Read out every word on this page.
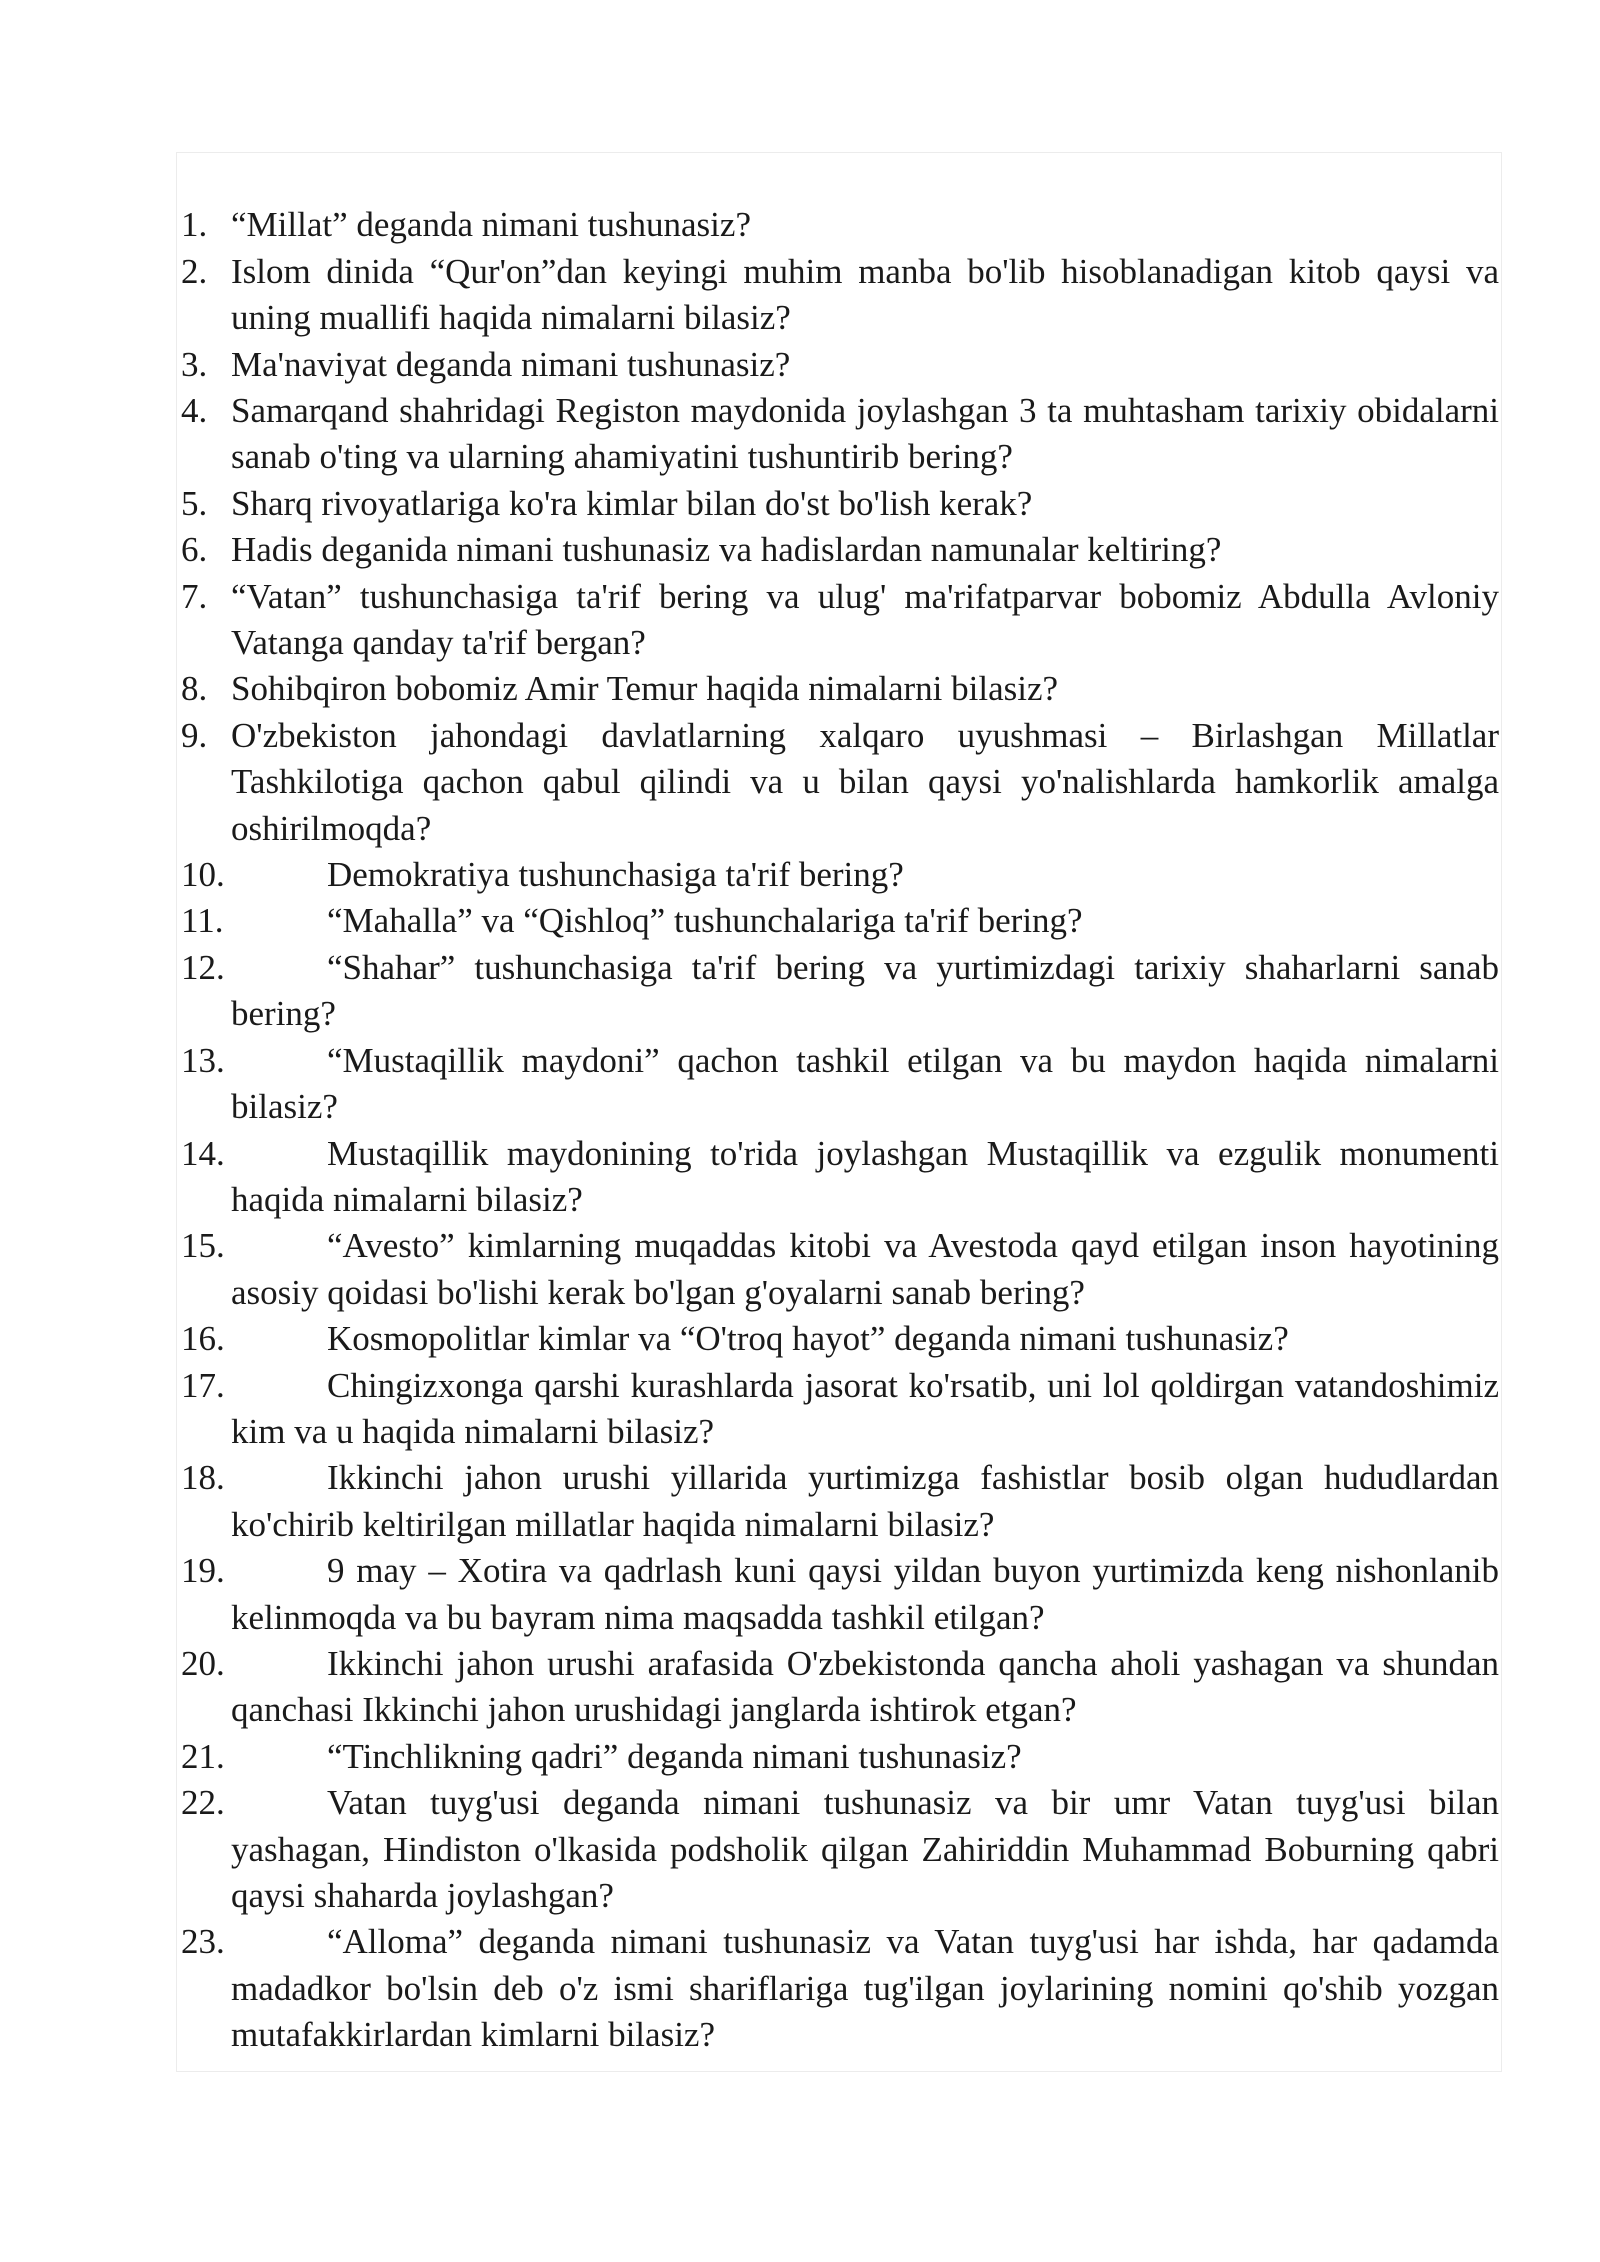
1. “Millat” deganda nimani tushunasiz?
2. Islom dinida “Qur'on”dan keyingi muhim manba bo'lib hisoblanadigan kitob qaysi va uning muallifi haqida nimalarni bilasiz?
3. Ma'naviyat deganda nimani tushunasiz?
4. Samarqand shahridagi Registon maydonida joylashgan 3 ta muhtasham tarixiy obidalarni sanab o'ting va ularning ahamiyatini tushuntirib bering?
5. Sharq rivoyatlariga ko'ra kimlar bilan do'st bo'lish kerak?
6. Hadis deganida nimani tushunasiz va hadislardan namunalar keltiring?
7. “Vatan” tushunchasiga ta'rif bering va ulug' ma'rifatparvar bobomiz Abdulla Avloniy Vatanga qanday ta'rif bergan?
8. Sohibqiron bobomiz Amir Temur haqida nimalarni bilasiz?
9. O'zbekiston jahondagi davlatlarning xalqaro uyushmasi – Birlashgan Millatlar Tashkilotiga qachon qabul qilindi va u bilan qaysi yo'nalishlarda hamkorlik amalga oshirilmoqda?
10.	Demokratiya tushunchasiga ta'rif bering?
11.	“Mahalla” va “Qishloq” tushunchalariga ta'rif bering?
12.	“Shahar” tushunchasiga ta'rif bering va yurtimizdagi tarixiy shaharlarni sanab bering?
13.	“Mustaqillik maydoni” qachon tashkil etilgan va bu maydon haqida nimalarni bilasiz?
14.	Mustaqillik maydonining to'rida joylashgan Mustaqillik va ezgulik monumenti haqida nimalarni bilasiz?
15.	“Avesto” kimlarning muqaddas kitobi va Avestoda qayd etilgan inson hayotining asosiy qoidasi bo'lishi kerak bo'lgan g'oyalarni sanab bering?
16.	Kosmopolitlar kimlar va “O'troq hayot” deganda nimani tushunasiz?
17.	Chingizxonga qarshi kurashlarda jasorat ko'rsatib, uni lol qoldirgan vatandoshimiz kim va u haqida nimalarni bilasiz?
18.	Ikkinchi jahon urushi yillarida yurtimizga fashistlar bosib olgan hududlardan ko'chirib keltirilgan millatlar haqida nimalarni bilasiz?
19.	9 may – Xotira va qadrlash kuni qaysi yildan buyon yurtimizda keng nishonlanib kelinmoqda va bu bayram nima maqsadda tashkil etilgan?
20.	Ikkinchi jahon urushi arafasida O'zbekistonda qancha aholi yashagan va shundan qanchasi Ikkinchi jahon urushidagi janglarda ishtirok etgan?
21.	“Tinchlikning qadri” deganda nimani tushunasiz?
22.	Vatan tuyg'usi deganda nimani tushunasiz va bir umr Vatan tuyg'usi bilan yashagan, Hindiston o'lkasida podsholik qilgan Zahiriddin Muhammad Boburning qabri qaysi shaharda joylashgan?
23.	“Alloma” deganda nimani tushunasiz va Vatan tuyg'usi har ishda, har qadamda madadkor bo'lsin deb o'z ismi shariflariga tug'ilgan joylarining nomini qo'shib yozgan mutafakkirlardan kimlarni bilasiz?
